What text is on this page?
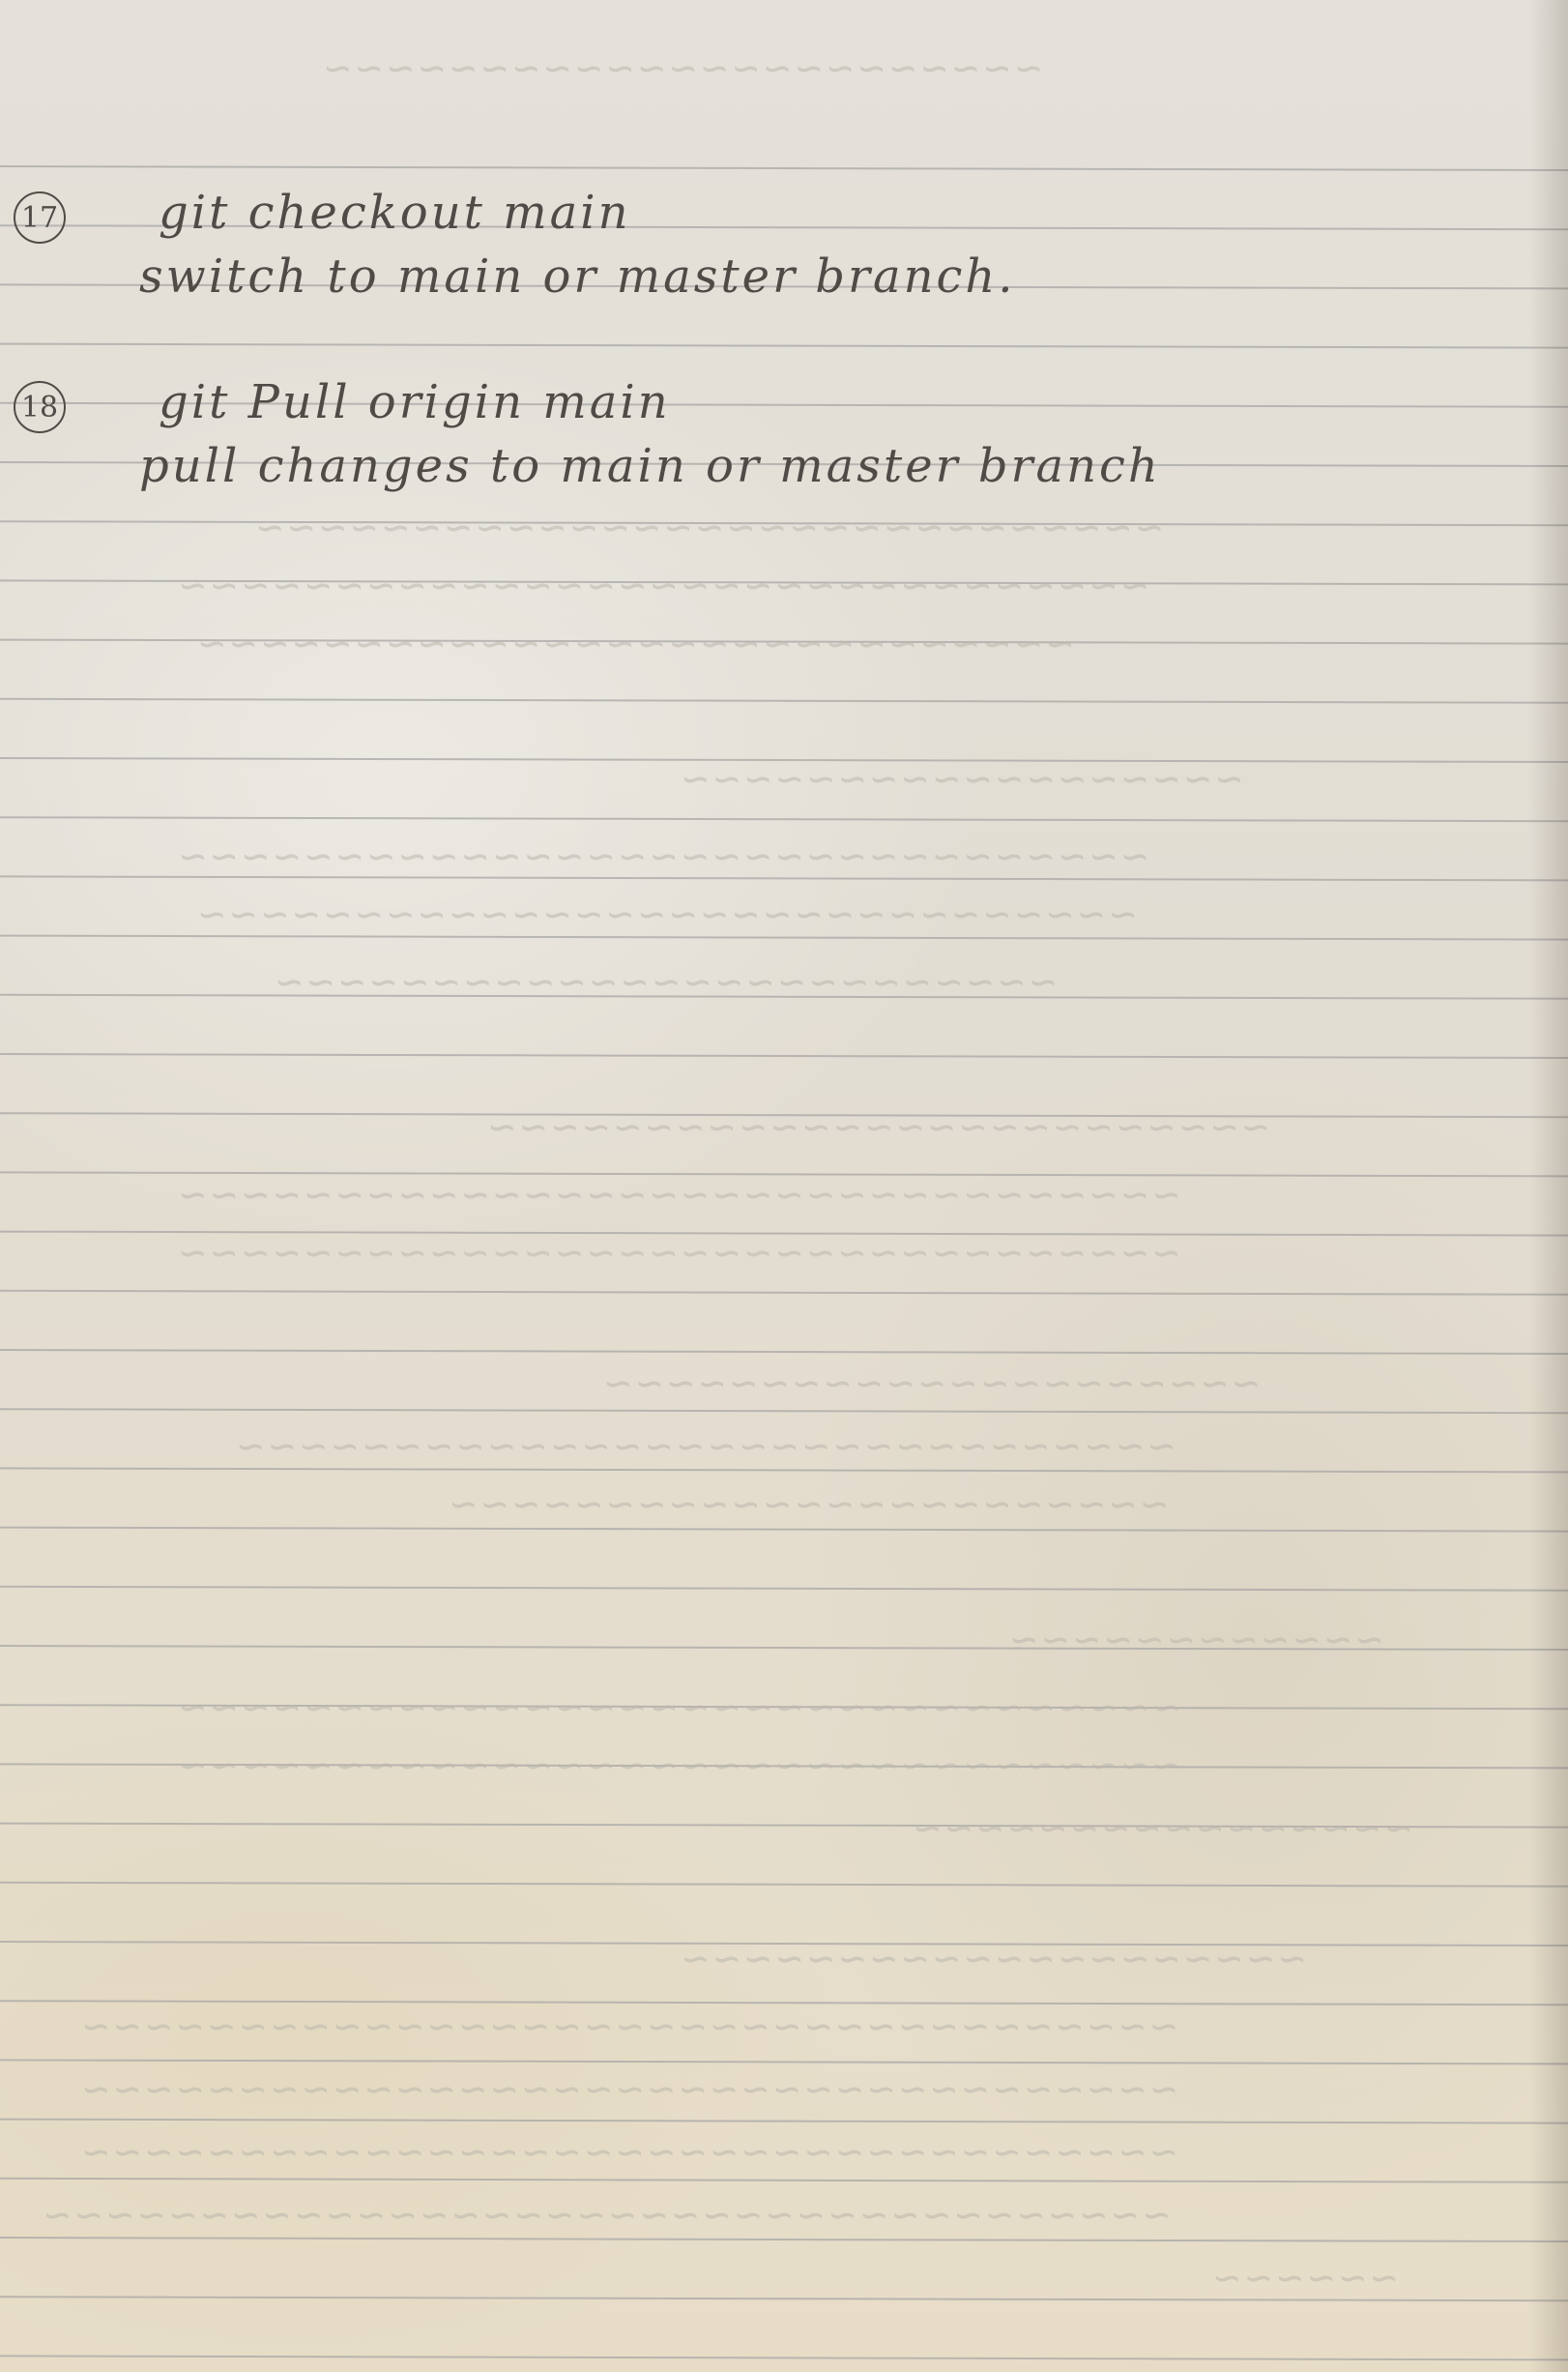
~~~~~~~~~~~~~~~~~~~~~~~
~~~~~~~~~~~~~~~~~~~~~~~~~~~~~
~~~~~~~~~~~~~~~~~~~~~~~~~~~~~~~
~~~~~~~~~~~~~~~~~~~~~~~~~~~~
~~~~~~~~~~~~~~~~~~
~~~~~~~~~~~~~~~~~~~~~~~~~~~~~~~
~~~~~~~~~~~~~~~~~~~~~~~~~~~~~~
~~~~~~~~~~~~~~~~~~~~~~~~~
~~~~~~~~~~~~~~~~~~~~~~~~~
~~~~~~~~~~~~~~~~~~~~~~~~~~~~~~~~
~~~~~~~~~~~~~~~~~~~~~~~~~~~~~~~~
~~~~~~~~~~~~~~~~~~~~~
~~~~~~~~~~~~~~~~~~~~~~~~~~~~~~
~~~~~~~~~~~~~~~~~~~~~~~
~~~~~~~~~~~~
~~~~~~~~~~~~~~~~~~~~~~~~~~~~~~~~
~~~~~~~~~~~~~~~~~~~~~~~~~~~~~~~~
~~~~~~~~~~~~~~~~
~~~~~~~~~~~~~~~~~~~~
~~~~~~~~~~~~~~~~~~~~~~~~~~~~~~~~~~~
~~~~~~~~~~~~~~~~~~~~~~~~~~~~~~~~~~~
~~~~~~~~~~~~~~~~~~~~~~~~~~~~~~~~~~~
~~~~~~~~~~~~~~~~~~~~~~~~~~~~~~~~~~~~
~~~~~~
17 git checkout main
switch to main or master branch.
18 git Pull origin main
pull changes to main or master branch
